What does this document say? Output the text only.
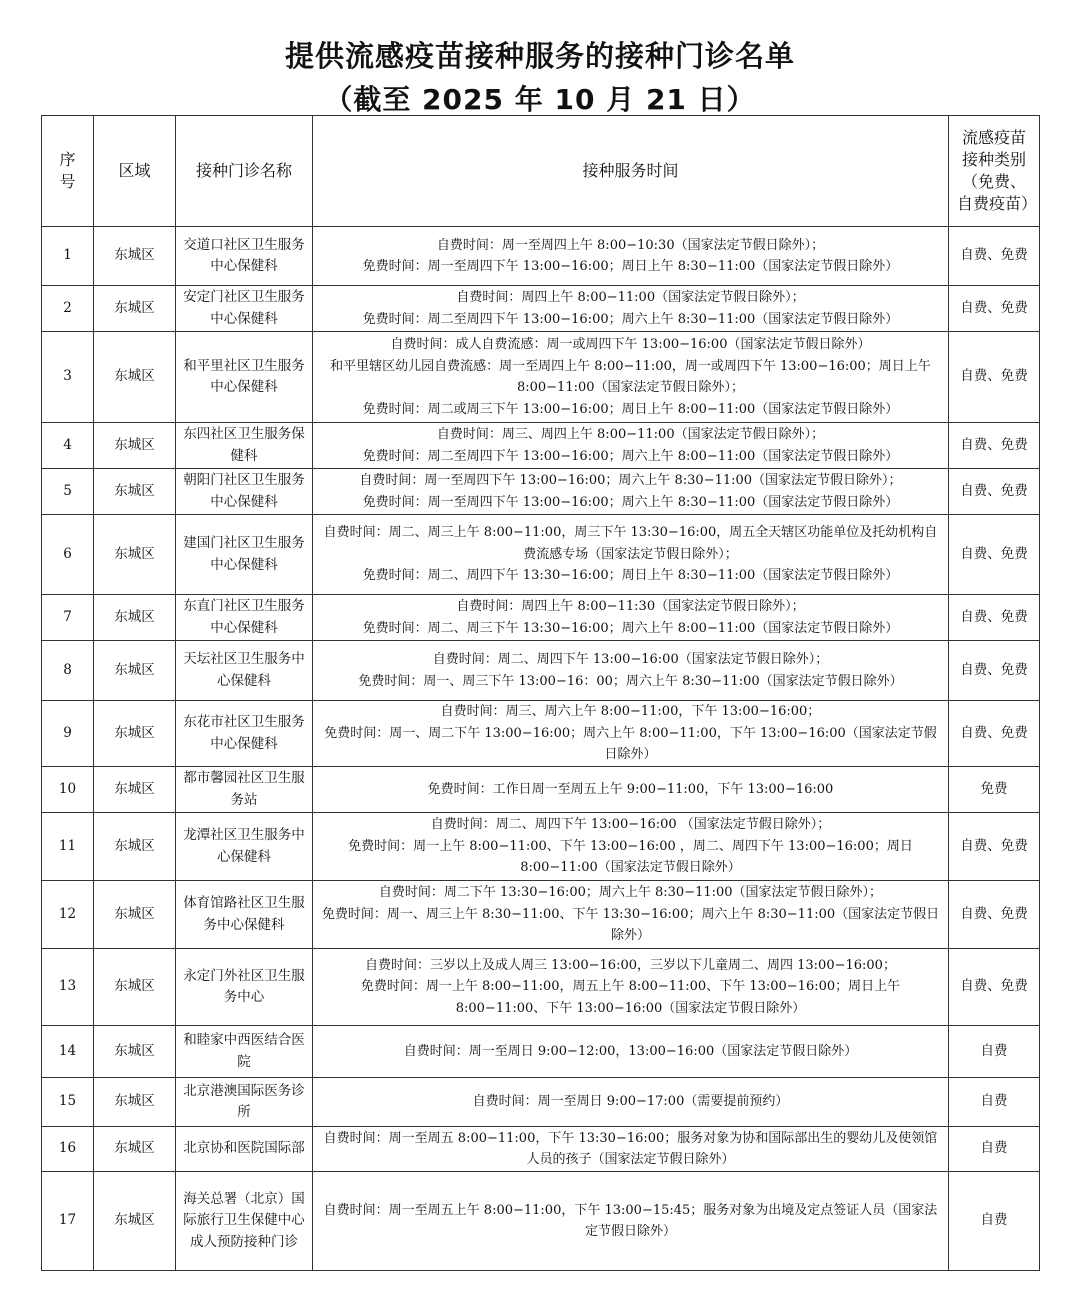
提供流感疫苗接种服务的接种门诊名单
（截至 2025 年 10 月 21 日）
序号	区域	接种门诊名称	接种服务时间	流感疫苗接种类别（免费、自费疫苗）
1	东城区	交道口社区卫生服务中心保健科	自费时间：周一至周四上午 8:00−10:30（国家法定节假日除外）；
免费时间：周一至周四下午 13:00−16:00；周日上午 8:30−11:00（国家法定节假日除外）	自费、免费
2	东城区	安定门社区卫生服务中心保健科	自费时间：周四上午 8:00−11:00（国家法定节假日除外）；
免费时间：周二至周四下午 13:00−16:00；周六上午 8:30−11:00（国家法定节假日除外）	自费、免费
3	东城区	和平里社区卫生服务中心保健科	自费时间：成人自费流感：周一或周四下午 13:00−16:00（国家法定节假日除外）
和平里辖区幼儿园自费流感：周一至周四上午 8:00−11:00，周一或周四下午 13:00−16:00；周日上午 8:00−11:00（国家法定节假日除外）；
免费时间：周二或周三下午 13:00−16:00；周日上午 8:00−11:00（国家法定节假日除外）	自费、免费
4	东城区	东四社区卫生服务保健科	自费时间：周三、周四上午 8:00−11:00（国家法定节假日除外）；
免费时间：周二至周四下午 13:00−16:00；周六上午 8:00−11:00（国家法定节假日除外）	自费、免费
5	东城区	朝阳门社区卫生服务中心保健科	自费时间：周一至周四下午 13:00−16:00；周六上午 8:30−11:00（国家法定节假日除外）；
免费时间：周一至周四下午 13:00−16:00；周六上午 8:30−11:00（国家法定节假日除外）	自费、免费
6	东城区	建国门社区卫生服务中心保健科	自费时间：周二、周三上午 8:00−11:00，周三下午 13:30−16:00，周五全天辖区功能单位及托幼机构自费流感专场（国家法定节假日除外）；
免费时间：周二、周四下午 13:30−16:00；周日上午 8:30−11:00（国家法定节假日除外）	自费、免费
7	东城区	东直门社区卫生服务中心保健科	自费时间：周四上午 8:00−11:30（国家法定节假日除外）；
免费时间：周二、周三下午 13:30−16:00；周六上午 8:00−11:00（国家法定节假日除外）	自费、免费
8	东城区	天坛社区卫生服务中心保健科	自费时间：周二、周四下午 13:00−16:00（国家法定节假日除外）；
免费时间：周一、周三下午 13:00−16：00；周六上午 8:30−11:00（国家法定节假日除外）	自费、免费
9	东城区	东花市社区卫生服务中心保健科	自费时间：周三、周六上午 8:00−11:00，下午 13:00−16:00；
免费时间：周一、周二下午 13:00−16:00；周六上午 8:00−11:00，下午 13:00−16:00（国家法定节假日除外）	自费、免费
10	东城区	都市馨园社区卫生服务站	免费时间：工作日周一至周五上午 9:00−11:00，下午 13:00−16:00	免费
11	东城区	龙潭社区卫生服务中心保健科	自费时间：周二、周四下午 13:00−16:00 （国家法定节假日除外）；
免费时间：周一上午 8:00−11:00、下午 13:00−16:00 ，周二、周四下午 13:00−16:00；周日 8:00−11:00（国家法定节假日除外）	自费、免费
12	东城区	体育馆路社区卫生服务中心保健科	自费时间：周二下午 13:30−16:00；周六上午 8:30−11:00（国家法定节假日除外）；
免费时间：周一、周三上午 8:30−11:00、下午 13:30−16:00；周六上午 8:30−11:00（国家法定节假日除外）	自费、免费
13	东城区	永定门外社区卫生服务中心	自费时间：三岁以上及成人周三 13:00−16:00，三岁以下儿童周二、周四 13:00−16:00；
免费时间：周一上午 8:00−11:00，周五上午 8:00−11:00、下午 13:00−16:00；周日上午 8:00−11:00、下午 13:00−16:00（国家法定节假日除外）	自费、免费
14	东城区	和睦家中西医结合医院	自费时间：周一至周日 9:00−12:00，13:00−16:00（国家法定节假日除外）	自费
15	东城区	北京港澳国际医务诊所	自费时间：周一至周日 9:00−17:00（需要提前预约）	自费
16	东城区	北京协和医院国际部	自费时间：周一至周五 8:00−11:00，下午 13:30−16:00；服务对象为协和国际部出生的婴幼儿及使领馆人员的孩子（国家法定节假日除外）	自费
17	东城区	海关总署（北京）国际旅行卫生保健中心成人预防接种门诊	自费时间：周一至周五上午 8:00−11:00，下午 13:00−15:45；服务对象为出境及定点签证人员（国家法定节假日除外）	自费
